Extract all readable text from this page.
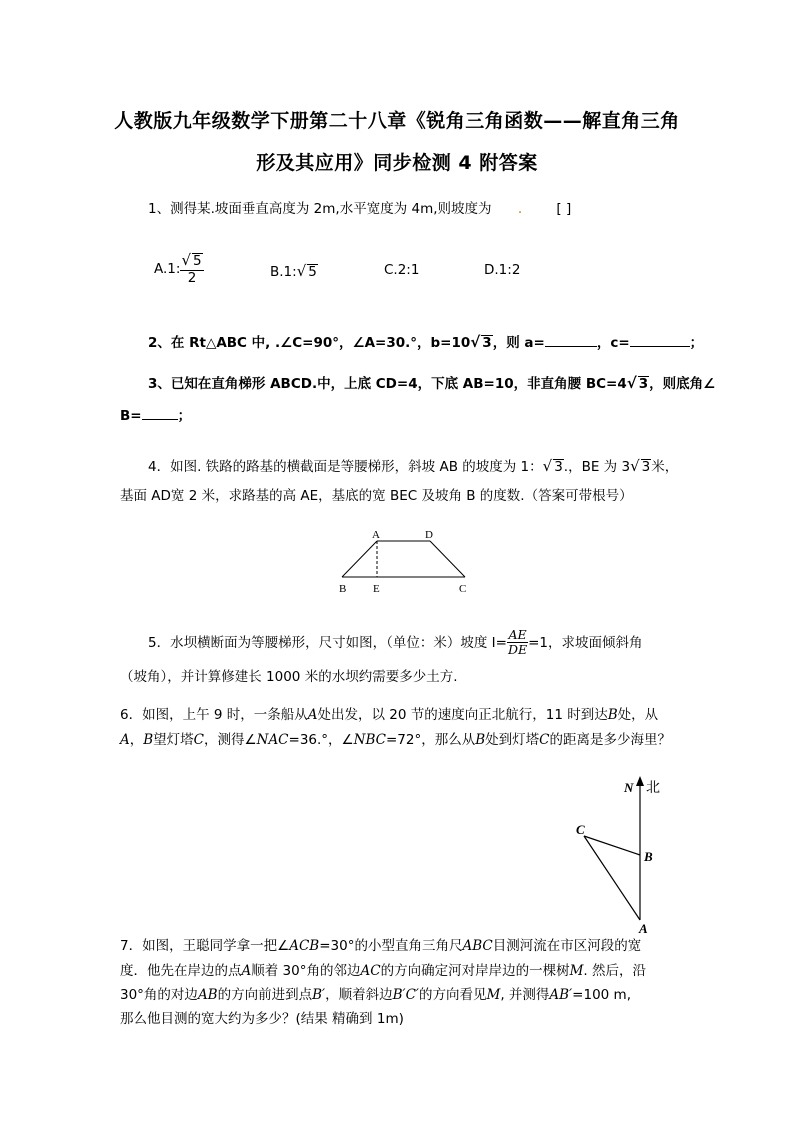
人教版九年级数学下册第二十八章《锐角三角函数——解直角三角
形及其应用》同步检测 4 附答案
1、测得某.坡面垂直高度为 2m,水平宽度为 4m,则坡度为 .	[ ]
A.1: $\frac{√ 5}{2}$	B.1:√ 5	C.2:1	D.1:2
2、在 Rt△ABC 中, .∠C=90°，∠A=30.°，b=10√ 3，则 a=	，c=	；
3、已知在直角梯形 ABCD.中，上底 CD=4，下底 AB=10，非直角腰 BC=4√ 3，则底角∠
B=	；
4．如图. 铁路的路基的横截面是等腰梯形，斜坡 AB 的坡度为 1：√ 3.，BE 为 3√ 3米，
基面 AD宽 2 米，求路基的高 AE，基底的宽 BEC 及坡角 B 的度数.（答案可带根号）
A	D
B E	C
5．水坝横断面为等腰梯形，尺寸如图，（单位：米）坡度 $I= \frac{AE}{DE} =1$，求坡面倾斜角
（坡角），并计算修建长 1000 米的水坝约需要多少土方.
6．如图，上午 9 时，一条船从A处出发，以 20 节的速度向正北航行，11 时到达B处，从
A，B望灯塔C，测得∠NAC=36.°，∠NBC=72°，那么从B处到灯塔C的距离是多少海里？
N 北
C
B
A
7．如图，王聪同学拿一把∠ACB=30°的小型直角三角尺ABC目测河流在市区河段的宽
度．他先在岸边的点A顺着 30°角的邻边AC的方向确定河对岸岸边的一棵树M. 然后，沿
30°角的对边AB的方向前进到点B′，顺着斜边B′C′的方向看见M, 并测得AB′=100 m,
那么他目测的宽大约为多少？(结果 精确到 1m)
